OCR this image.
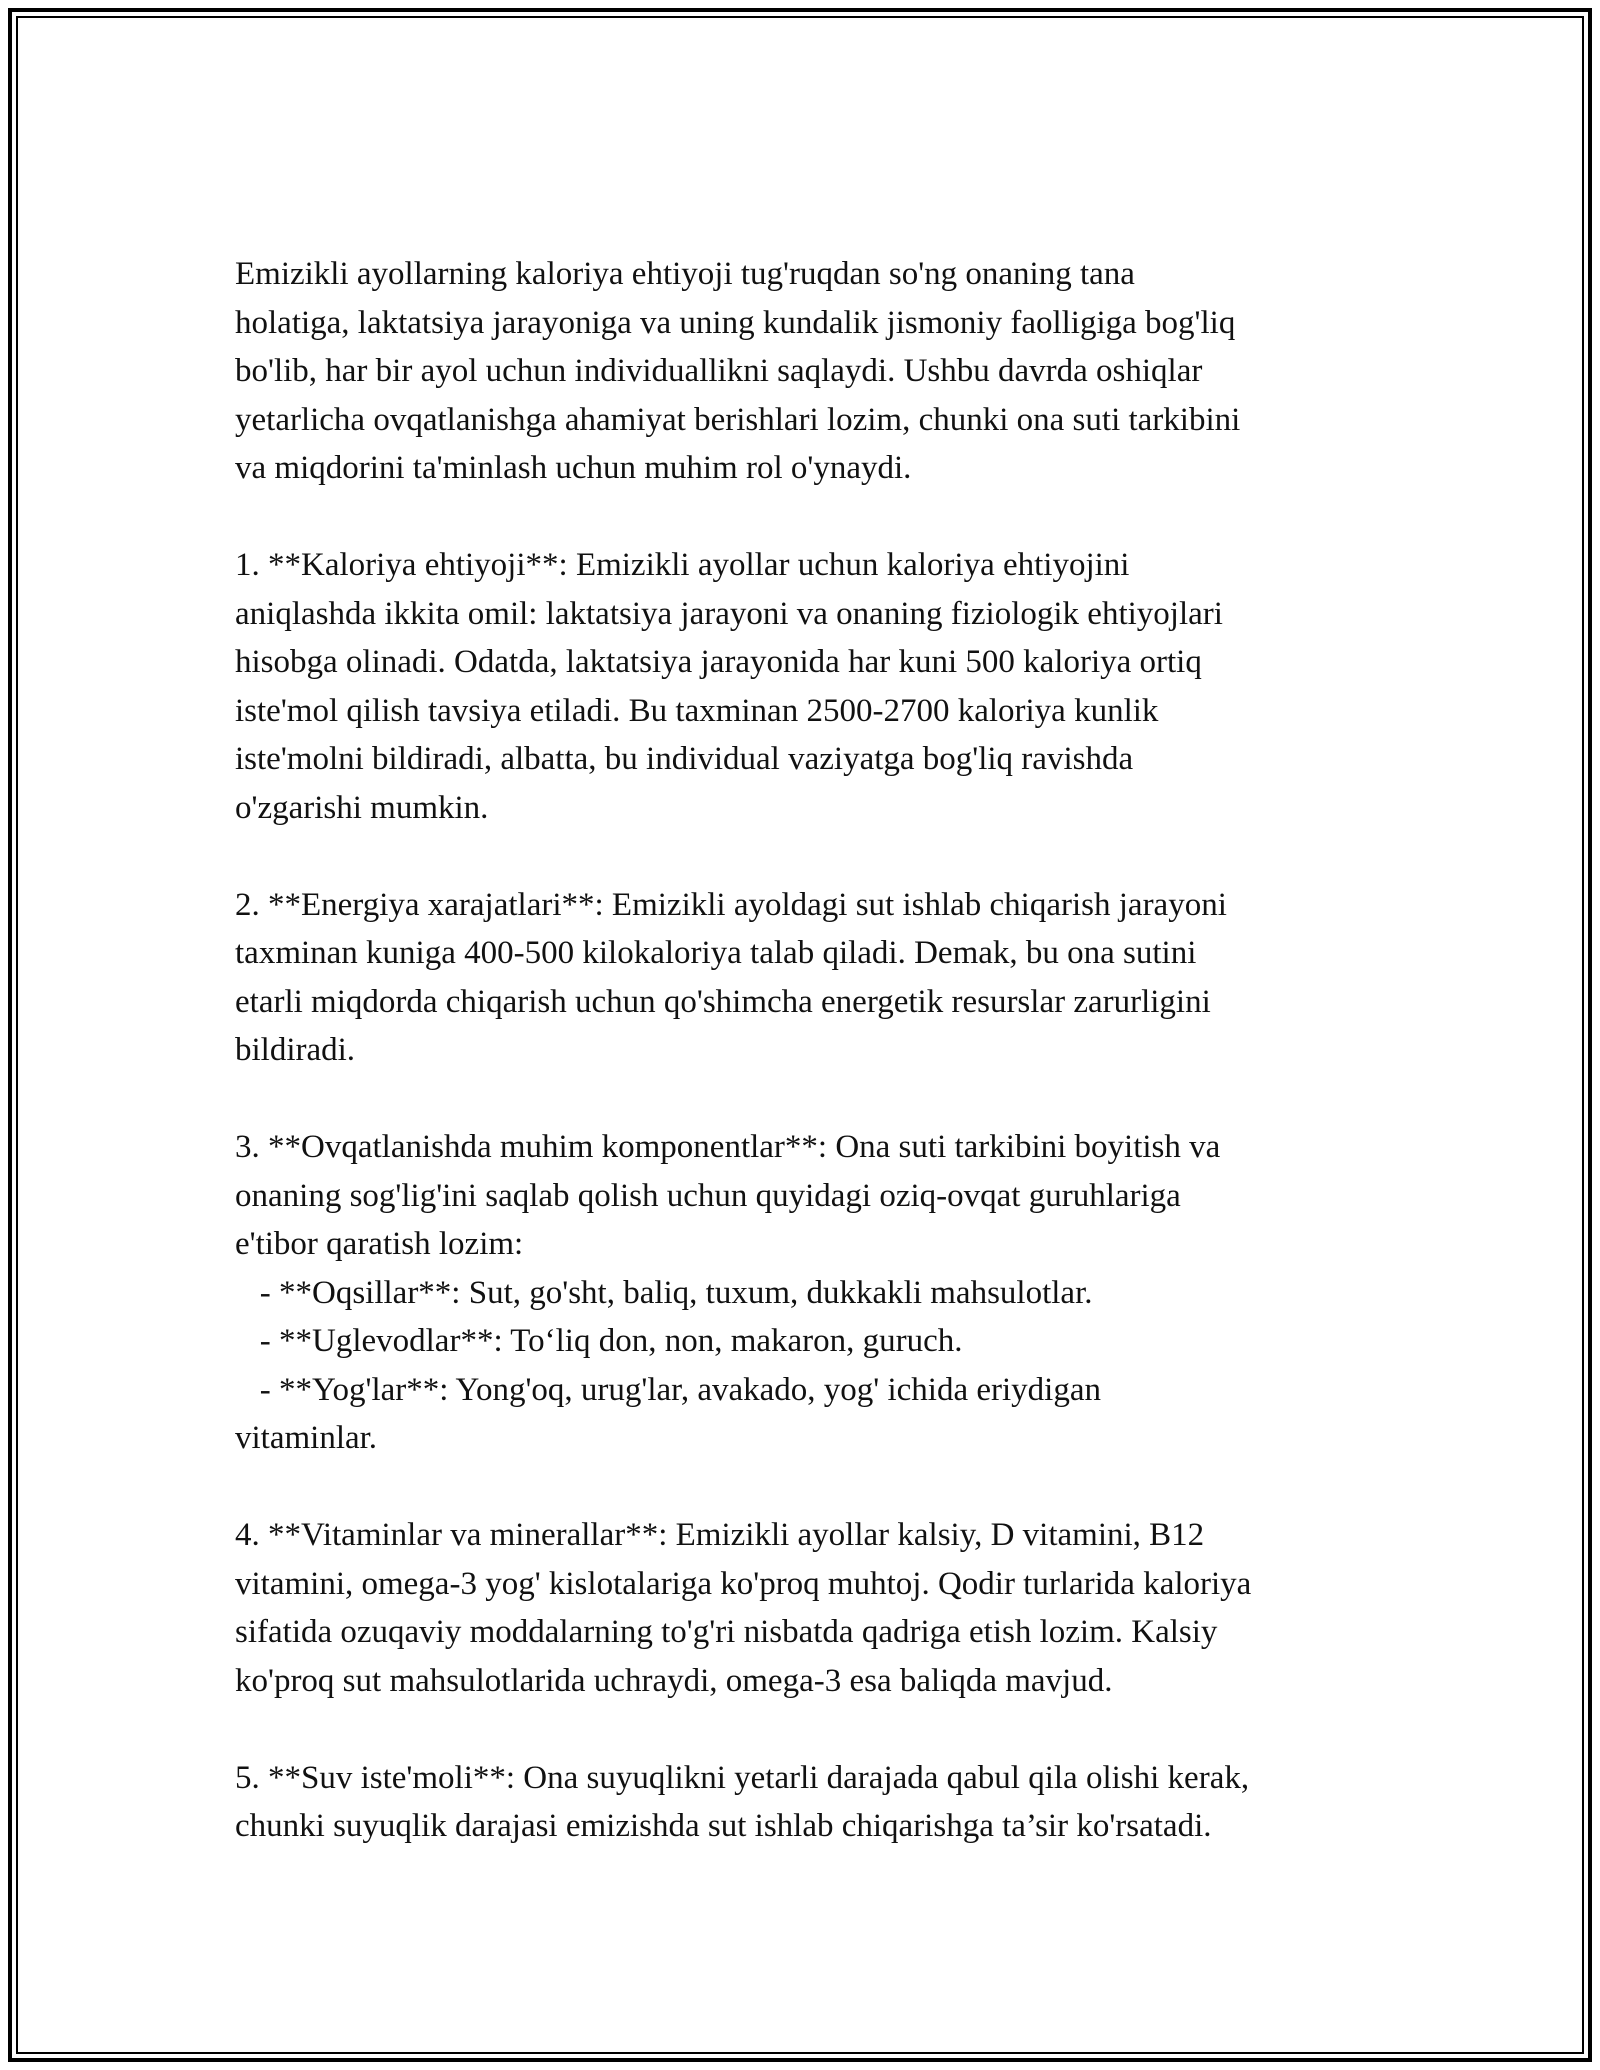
Emizikli ayollarning kaloriya ehtiyoji tug'ruqdan so'ng onaning tana
holatiga, laktatsiya jarayoniga va uning kundalik jismoniy faolligiga bog'liq
bo'lib, har bir ayol uchun individuallikni saqlaydi. Ushbu davrda oshiqlar
yetarlicha ovqatlanishga ahamiyat berishlari lozim, chunki ona suti tarkibini
va miqdorini ta'minlash uchun muhim rol o'ynaydi.

1. **Kaloriya ehtiyoji**: Emizikli ayollar uchun kaloriya ehtiyojini
aniqlashda ikkita omil: laktatsiya jarayoni va onaning fiziologik ehtiyojlari
hisobga olinadi. Odatda, laktatsiya jarayonida har kuni 500 kaloriya ortiq
iste'mol qilish tavsiya etiladi. Bu taxminan 2500-2700 kaloriya kunlik
iste'molni bildiradi, albatta, bu individual vaziyatga bog'liq ravishda
o'zgarishi mumkin.

2. **Energiya xarajatlari**: Emizikli ayoldagi sut ishlab chiqarish jarayoni
taxminan kuniga 400-500 kilokaloriya talab qiladi. Demak, bu ona sutini
etarli miqdorda chiqarish uchun qo'shimcha energetik resurslar zarurligini
bildiradi.

3. **Ovqatlanishda muhim komponentlar**: Ona suti tarkibini boyitish va
onaning sog'lig'ini saqlab qolish uchun quyidagi oziq-ovqat guruhlariga
e'tibor qaratish lozim:
- **Oqsillar**: Sut, go'sht, baliq, tuxum, dukkakli mahsulotlar.
- **Uglevodlar**: To‘liq don, non, makaron, guruch.
- **Yog'lar**: Yong'oq, urug'lar, avakado, yog' ichida eriydigan
vitaminlar.

4. **Vitaminlar va minerallar**: Emizikli ayollar kalsiy, D vitamini, B12
vitamini, omega-3 yog' kislotalariga ko'proq muhtoj. Qodir turlarida kaloriya
sifatida ozuqaviy moddalarning to'g'ri nisbatda qadriga etish lozim. Kalsiy
ko'proq sut mahsulotlarida uchraydi, omega-3 esa baliqda mavjud.

5. **Suv iste'moli**: Ona suyuqlikni yetarli darajada qabul qila olishi kerak,
chunki suyuqlik darajasi emizishda sut ishlab chiqarishga ta’sir ko'rsatadi.
